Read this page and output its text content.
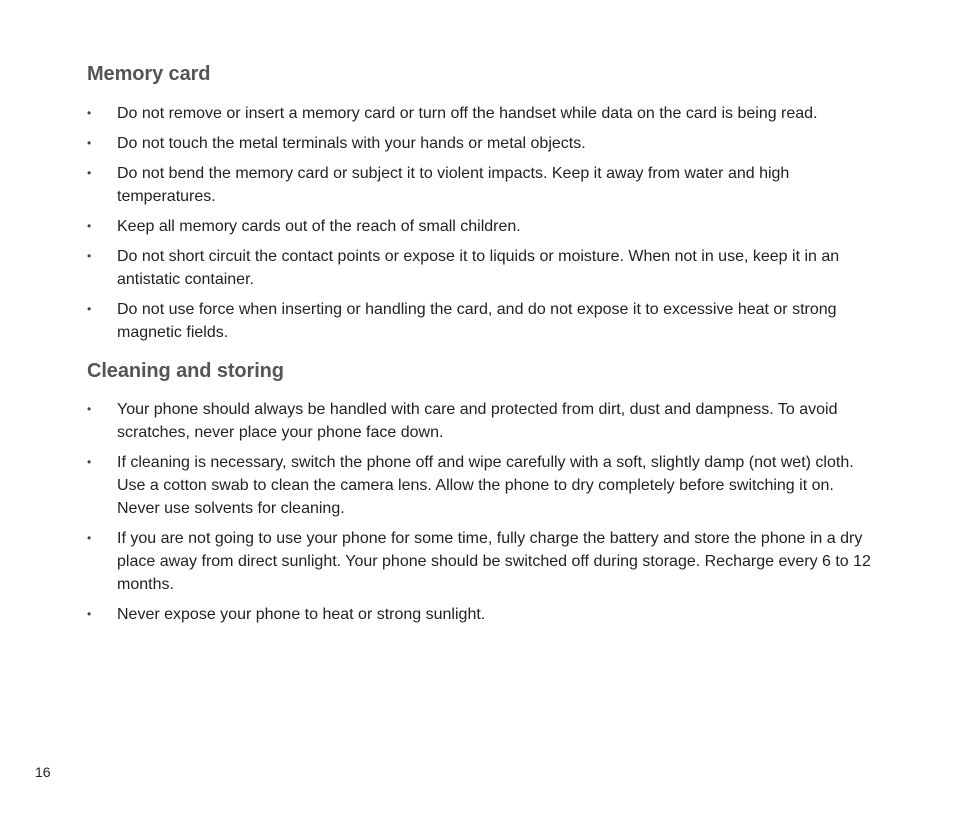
Memory card
• Do not remove or insert a memory card or turn off the handset while data on the card is being read.
• Do not touch the metal terminals with your hands or metal objects.
• Do not bend the memory card or subject it to violent impacts. Keep it away from water and high temperatures.
• Keep all memory cards out of the reach of small children.
• Do not short circuit the contact points or expose it to liquids or moisture. When not in use, keep it in an antistatic container.
• Do not use force when inserting or handling the card, and do not expose it to excessive heat or strong magnetic fields.
Cleaning and storing
• Your phone should always be handled with care and protected from dirt, dust and dampness. To avoid scratches, never place your phone face down.
• If cleaning is necessary, switch the phone off and wipe carefully with a soft, slightly damp (not wet) cloth. Use a cotton swab to clean the camera lens. Allow the phone to dry completely before switching it on. Never use solvents for cleaning.
• If you are not going to use your phone for some time, fully charge the battery and store the phone in a dry place away from direct sunlight. Your phone should be switched off during storage. Recharge every 6 to 12 months.
• Never expose your phone to heat or strong sunlight.
16
